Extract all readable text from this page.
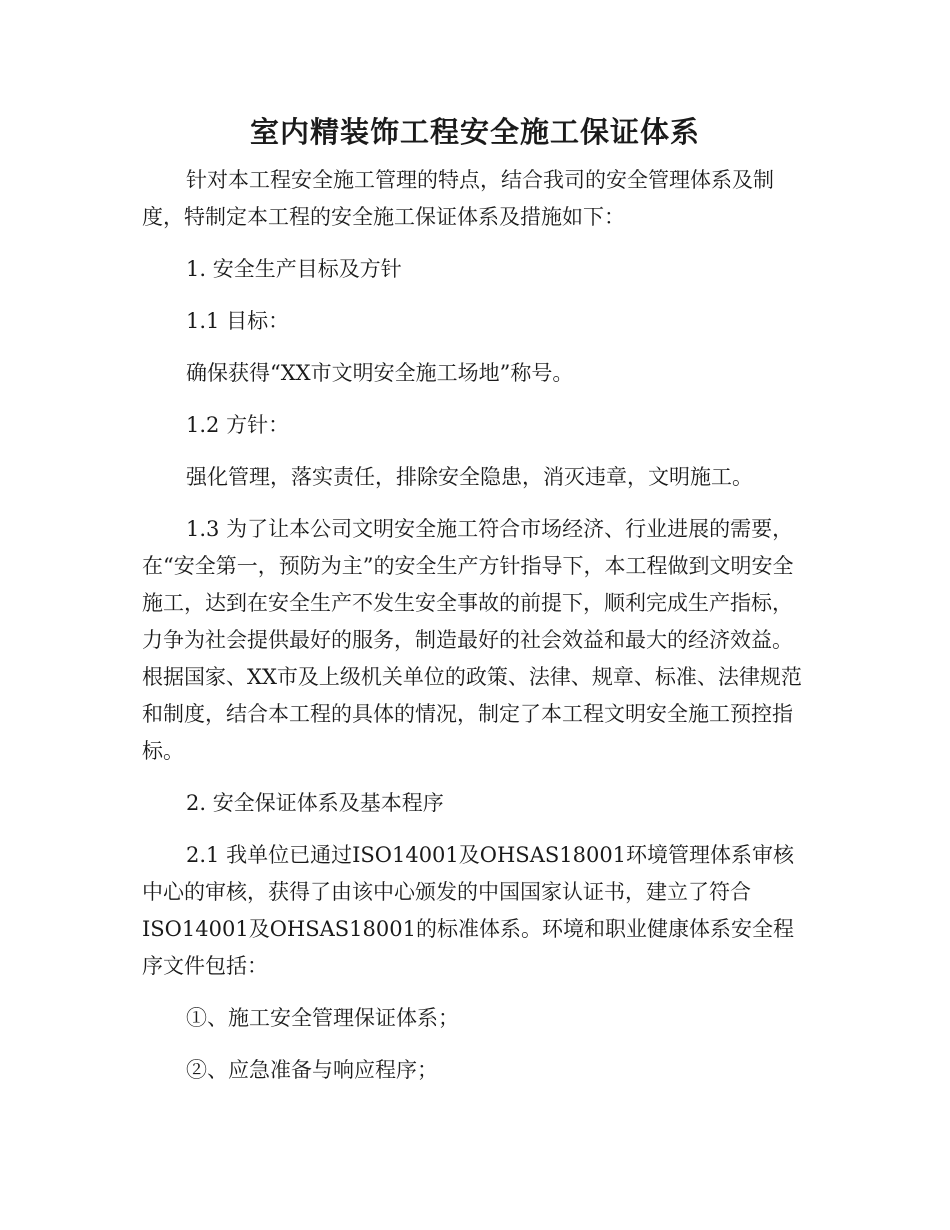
室内精装饰工程安全施工保证体系

针对本工程安全施工管理的特点，结合我司的安全管理体系及制度，特制定本工程的安全施工保证体系及措施如下：

1. 安全生产目标及方针

1.1 目标：

确保获得“XX市文明安全施工场地”称号。

1.2 方针：

强化管理，落实责任，排除安全隐患，消灭违章，文明施工。

1.3 为了让本公司文明安全施工符合市场经济、行业进展的需要，在“安全第一，预防为主”的安全生产方针指导下，本工程做到文明安全施工，达到在安全生产不发生安全事故的前提下，顺利完成生产指标，力争为社会提供最好的服务，制造最好的社会效益和最大的经济效益。根据国家、XX市及上级机关单位的政策、法律、规章、标准、法律规范和制度，结合本工程的具体的情况，制定了本工程文明安全施工预控指标。

2. 安全保证体系及基本程序

2.1 我单位已通过ISO14001及OHSAS18001环境管理体系审核中心的审核，获得了由该中心颁发的中国国家认证书，建立了符合ISO14001及OHSAS18001的标准体系。环境和职业健康体系安全程序文件包括：

①、施工安全管理保证体系；

②、应急准备与响应程序；
